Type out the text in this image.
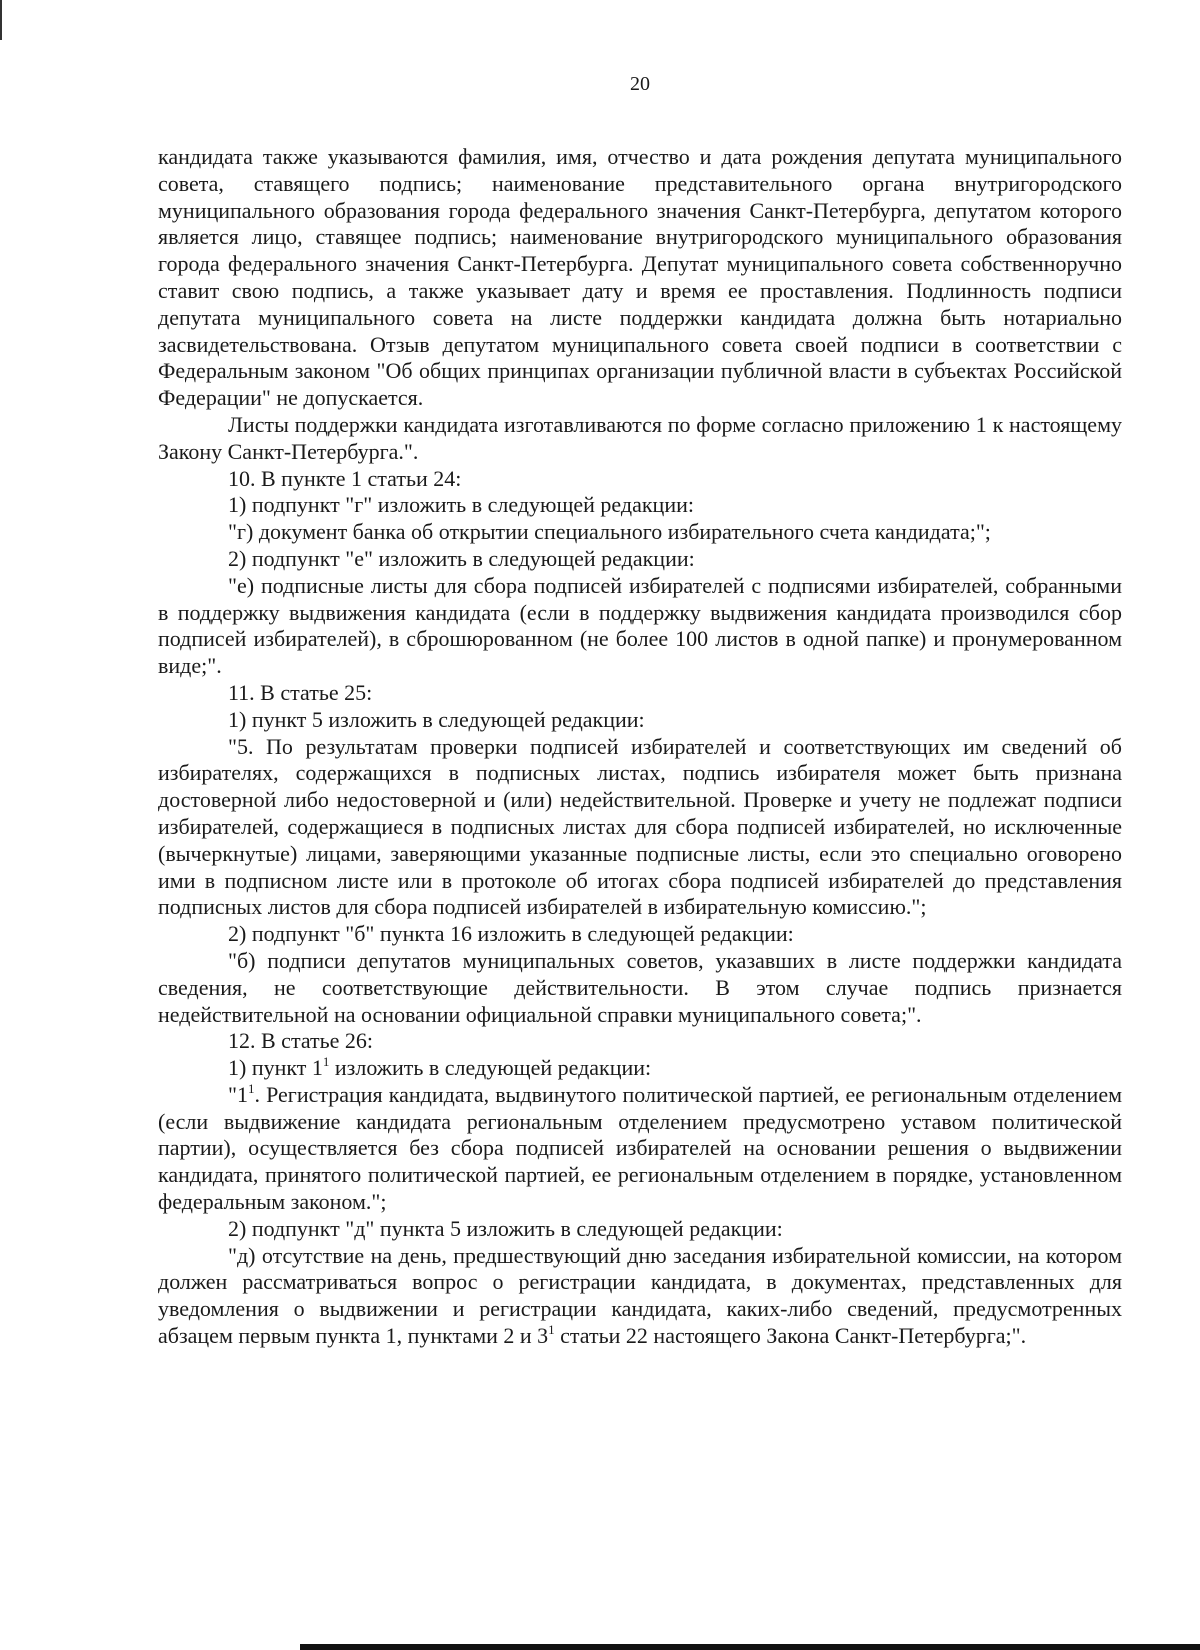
20

кандидата также указываются фамилия, имя, отчество и дата рождения депутата муниципального совета, ставящего подпись; наименование представительного органа внутригородского муниципального образования города федерального значения Санкт-Петербурга, депутатом которого является лицо, ставящее подпись; наименование внутригородского муниципального образования города федерального значения Санкт-Петербурга. Депутат муниципального совета собственноручно ставит свою подпись, а также указывает дату и время ее проставления. Подлинность подписи депутата муниципального совета на листе поддержки кандидата должна быть нотариально засвидетельствована. Отзыв депутатом муниципального совета своей подписи в соответствии с Федеральным законом "Об общих принципах организации публичной власти в субъектах Российской Федерации" не допускается.

Листы поддержки кандидата изготавливаются по форме согласно приложению 1 к настоящему Закону Санкт-Петербурга.".

10. В пункте 1 статьи 24:

1) подпункт "г" изложить в следующей редакции:

"г) документ банка об открытии специального избирательного счета кандидата;";

2) подпункт "е" изложить в следующей редакции:

"е) подписные листы для сбора подписей избирателей с подписями избирателей, собранными в поддержку выдвижения кандидата (если в поддержку выдвижения кандидата производился сбор подписей избирателей), в сброшюрованном (не более 100 листов в одной папке) и пронумерованном виде;".

11. В статье 25:

1) пункт 5 изложить в следующей редакции:

"5. По результатам проверки подписей избирателей и соответствующих им сведений об избирателях, содержащихся в подписных листах, подпись избирателя может быть признана достоверной либо недостоверной и (или) недействительной. Проверке и учету не подлежат подписи избирателей, содержащиеся в подписных листах для сбора подписей избирателей, но исключенные (вычеркнутые) лицами, заверяющими указанные подписные листы, если это специально оговорено ими в подписном листе или в протоколе об итогах сбора подписей избирателей до представления подписных листов для сбора подписей избирателей в избирательную комиссию.";

2) подпункт "б" пункта 16 изложить в следующей редакции:

"б) подписи депутатов муниципальных советов, указавших в листе поддержки кандидата сведения, не соответствующие действительности. В этом случае подпись признается недействительной на основании официальной справки муниципального совета;".

12. В статье 26:

1) пункт $1^1$ изложить в следующей редакции:

"$1^1$. Регистрация кандидата, выдвинутого политической партией, ее региональным отделением (если выдвижение кандидата региональным отделением предусмотрено уставом политической партии), осуществляется без сбора подписей избирателей на основании решения о выдвижении кандидата, принятого политической партией, ее региональным отделением в порядке, установленном федеральным законом.";

2) подпункт "д" пункта 5 изложить в следующей редакции:

"д) отсутствие на день, предшествующий дню заседания избирательной комиссии, на котором должен рассматриваться вопрос о регистрации кандидата, в документах, представленных для уведомления о выдвижении и регистрации кандидата, каких-либо сведений, предусмотренных абзацем первым пункта 1, пунктами 2 и $3^1$ статьи 22 настоящего Закона Санкт-Петербурга;".
